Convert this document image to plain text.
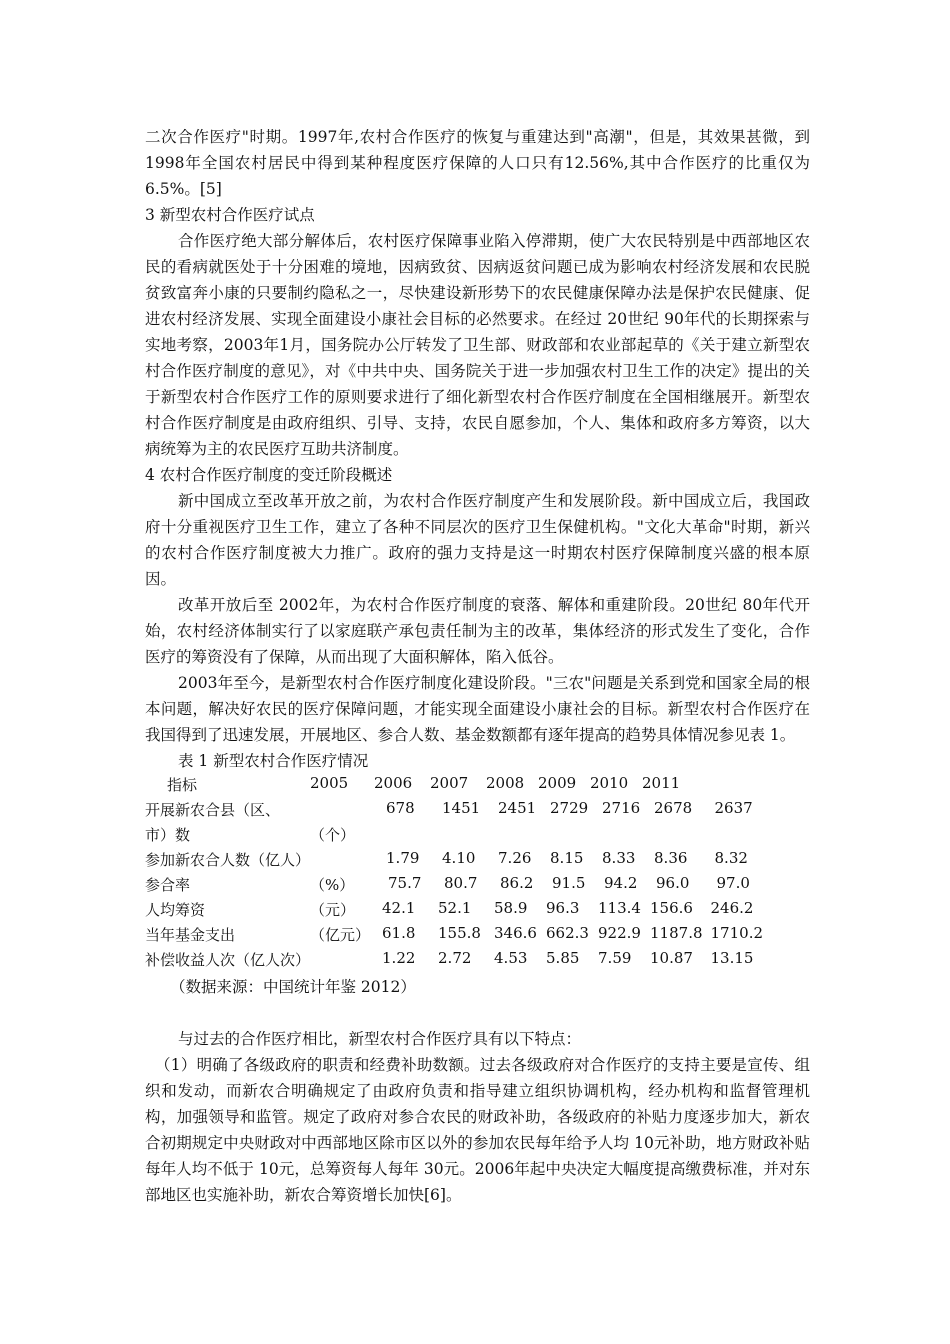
二次合作医疗"时期。1997年,农村合作医疗的恢复与重建达到"高潮"，但是，其效果甚微，到1998年全国农村居民中得到某种程度医疗保障的人口只有12.56%,其中合作医疗的比重仅为6.5%。[5]

3 新型农村合作医疗试点

合作医疗绝大部分解体后，农村医疗保障事业陷入停滞期，使广大农民特别是中西部地区农民的看病就医处于十分困难的境地，因病致贫、因病返贫问题已成为影响农村经济发展和农民脱贫致富奔小康的只要制约隐私之一，尽快建设新形势下的农民健康保障办法是保护农民健康、促进农村经济发展、实现全面建设小康社会目标的必然要求。在经过 20世纪 90年代的长期探索与实地考察，2003年1月，国务院办公厅转发了卫生部、财政部和农业部起草的《关于建立新型农村合作医疗制度的意见》，对《中共中央、国务院关于进一步加强农村卫生工作的决定》提出的关于新型农村合作医疗工作的原则要求进行了细化新型农村合作医疗制度在全国相继展开。新型农村合作医疗制度是由政府组织、引导、支持，农民自愿参加，个人、集体和政府多方筹资，以大病统筹为主的农民医疗互助共济制度。

4 农村合作医疗制度的变迁阶段概述

新中国成立至改革开放之前，为农村合作医疗制度产生和发展阶段。新中国成立后，我国政府十分重视医疗卫生工作，建立了各种不同层次的医疗卫生保健机构。"文化大革命"时期，新兴的农村合作医疗制度被大力推广。政府的强力支持是这一时期农村医疗保障制度兴盛的根本原因。

改革开放后至 2002年，为农村合作医疗制度的衰落、解体和重建阶段。20世纪 80年代开始，农村经济体制实行了以家庭联产承包责任制为主的改革，集体经济的形式发生了变化，合作医疗的筹资没有了保障，从而出现了大面积解体，陷入低谷。

2003年至今，是新型农村合作医疗制度化建设阶段。"三农"问题是关系到党和国家全局的根本问题，解决好农民的医疗保障问题，才能实现全面建设小康社会的目标。新型农村合作医疗在我国得到了迅速发展，开展地区、参合人数、基金数额都有逐年提高的趋势具体情况参见表 1。

表 1 新型农村合作医疗情况

指标	2005	2006	2007	2008	2009	2010	2011	
开展新农合县（区、		678	1451	2451	2729	2716	2678	2637
市）数	（个）							
参加新农合人数（亿人）		1.79	4.10	7.26	8.15	8.33	8.36	8.32
参合率	（%）	75.7	80.7	86.2	91.5	94.2	96.0	97.0
人均筹资	（元）	42.1	52.1	58.9	96.3	113.4	156.6	246.2
当年基金支出	（亿元）	61.8	155.8	346.6	662.3	922.9	1187.8	1710.2
补偿收益人次（亿人次）		1.22	2.72	4.53	5.85	7.59	10.87	13.15

（数据来源：中国统计年鉴 2012）

与过去的合作医疗相比，新型农村合作医疗具有以下特点：

（1）明确了各级政府的职责和经费补助数额。过去各级政府对合作医疗的支持主要是宣传、组织和发动，而新农合明确规定了由政府负责和指导建立组织协调机构，经办机构和监督管理机构，加强领导和监管。规定了政府对参合农民的财政补助，各级政府的补贴力度逐步加大，新农合初期规定中央财政对中西部地区除市区以外的参加农民每年给予人均 10元补助，地方财政补贴每年人均不低于 10元，总筹资每人每年 30元。2006年起中央决定大幅度提高缴费标准，并对东部地区也实施补助，新农合筹资增长加快[6]。
